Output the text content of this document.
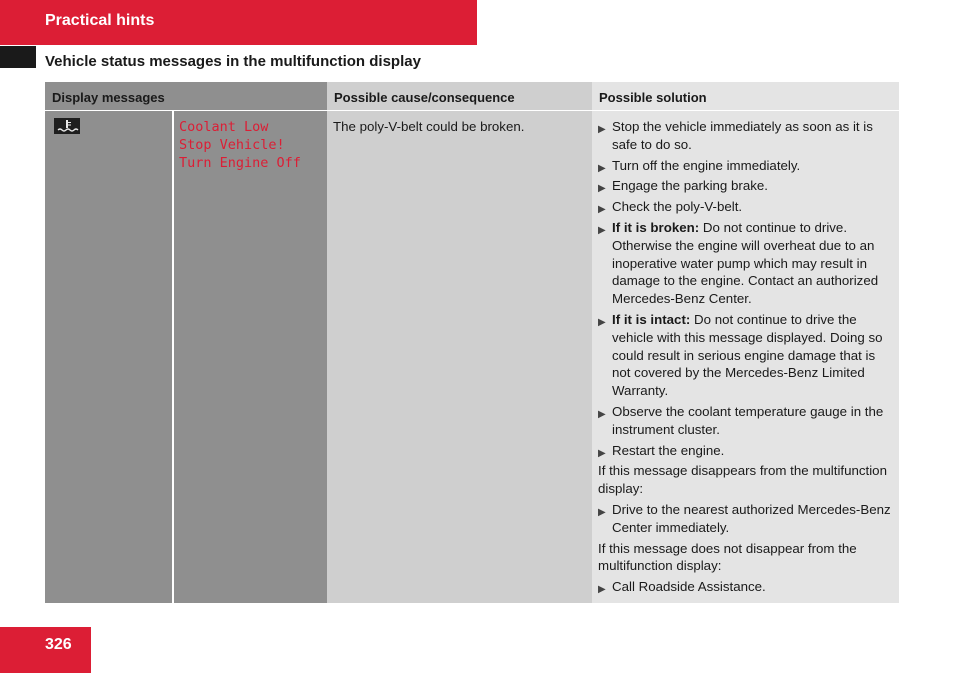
Practical hints
Vehicle status messages in the multifunction display
Display messages	Possible cause/consequence	Possible solution
Coolant Low
Stop Vehicle!
Turn Engine Off
The poly-V-belt could be broken.	▶ Stop the vehicle immediately as soon as it is safe to do so.
▶ Turn off the engine immediately.
▶ Engage the parking brake.
▶ Check the poly-V-belt.
▶ If it is broken: Do not continue to drive. Otherwise the engine will overheat due to an inoperative water pump which may result in damage to the engine. Contact an authorized Mercedes-Benz Center.
▶ If it is intact: Do not continue to drive the vehicle with this message displayed. Doing so could result in serious engine damage that is not covered by the Mercedes-Benz Limited Warranty.
▶ Observe the coolant temperature gauge in the instrument cluster.
▶ Restart the engine.
If this message disappears from the multifunction display:
▶ Drive to the nearest authorized Mercedes-Benz Center immediately.
If this message does not disappear from the multifunction display:
▶ Call Roadside Assistance.
326
